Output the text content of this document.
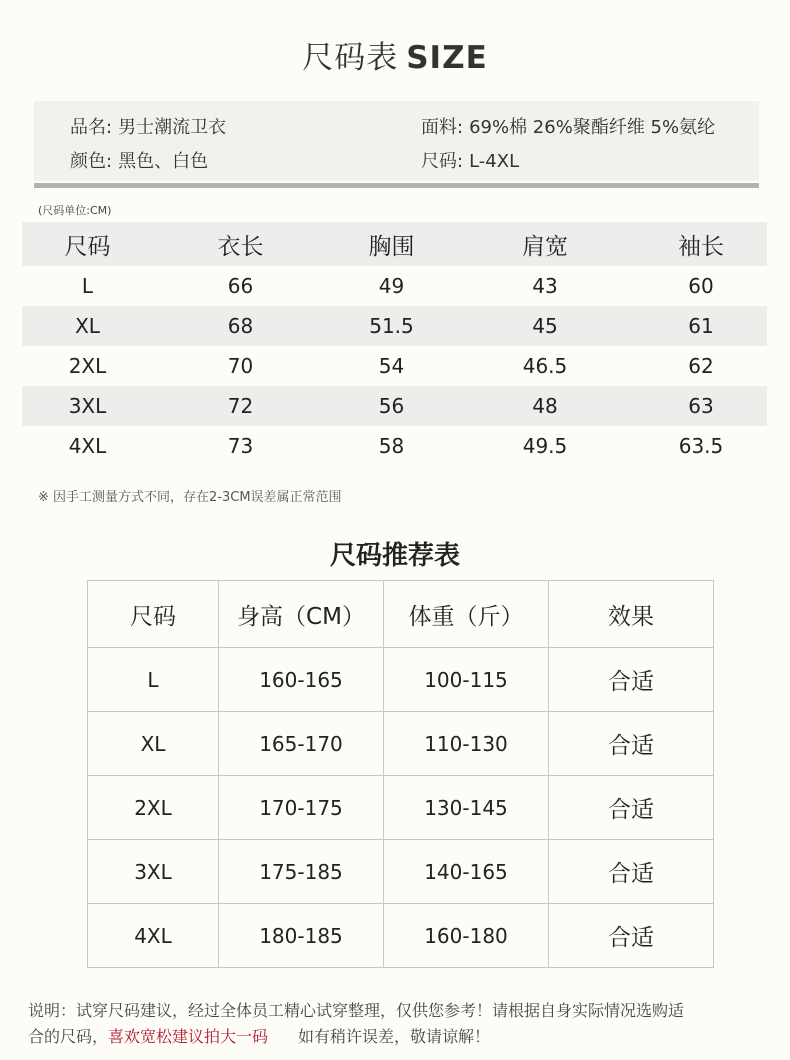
尺码表 SIZE
品名: 男士潮流卫衣	面料: 69%棉 26%聚酯纤维 5%氨纶
颜色: 黑色、白色	尺码: L-4XL
(尺码单位:CM)
尺码	衣长	胸围	肩宽	袖长
L	66	49	43	60
XL	68	51.5	45	61
2XL	70	54	46.5	62
3XL	72	56	48	63
4XL	73	58	49.5	63.5
※ 因手工测量方式不同，存在2-3CM误差属正常范围
尺码推荐表
尺码	身高（CM）	体重（斤）	效果
L	160-165	100-115	合适
XL	165-170	110-130	合适
2XL	170-175	130-145	合适
3XL	175-185	140-165	合适
4XL	180-185	160-180	合适
说明：试穿尺码建议，经过全体员工精心试穿整理，仅供您参考！请根据自身实际情况选购适
合的尺码，喜欢宽松建议拍大一码 如有稍许误差，敬请谅解！
